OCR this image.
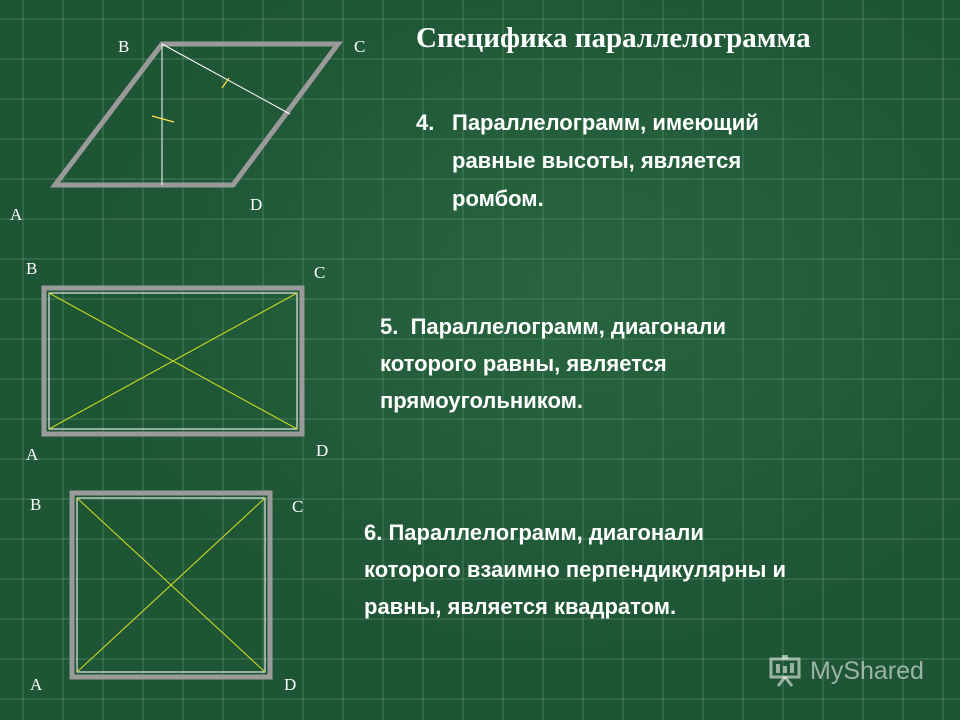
B	C
A
D
B	C
A	D
B	C
A	D
Специфика параллелограмма
4. Параллелограмм, имеющий
равные высоты, является
ромбом.
5.  Параллелограмм, диагонали
которого равны, является
прямоугольником.
6. Параллелограмм, диагонали
которого взаимно перпендикулярны и
равны, является квадратом.
MyShared
